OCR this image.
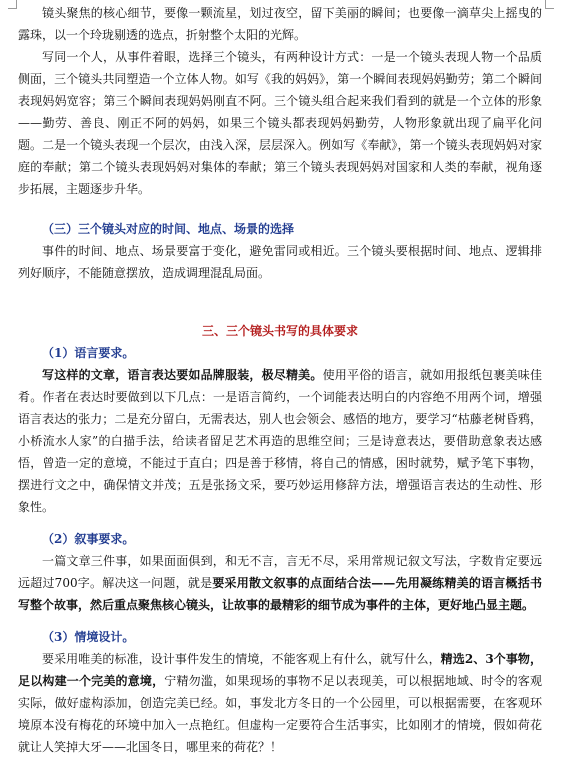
镜头聚焦的核心细节，要像一颗流星，划过夜空，留下美丽的瞬间；也要像一滴草尖上摇曳的露珠，以一个玲珑剔透的选点，折射整个太阳的光辉。

写同一个人，从事件着眼，选择三个镜头，有两种设计方式：一是一个镜头表现人物一个品质侧面，三个镜头共同塑造一个立体人物。如写《我的妈妈》，第一个瞬间表现妈妈勤劳；第二个瞬间表现妈妈宽容；第三个瞬间表现妈妈刚直不阿。三个镜头组合起来我们看到的就是一个立体的形象——勤劳、善良、刚正不阿的妈妈，如果三个镜头都表现妈妈勤劳，人物形象就出现了扁平化问题。二是一个镜头表现一个层次，由浅入深，层层深入。例如写《奉献》，第一个镜头表现妈妈对家庭的奉献；第二个镜头表现妈妈对集体的奉献；第三个镜头表现妈妈对国家和人类的奉献，视角逐步拓展，主题逐步升华。

（三）三个镜头对应的时间、地点、场景的选择

事件的时间、地点、场景要富于变化，避免雷同或相近。三个镜头要根据时间、地点、逻辑排列好顺序，不能随意摆放，造成调理混乱局面。

三、三个镜头书写的具体要求

（1）语言要求。

写这样的文章，语言表达要如品牌服装，极尽精美。使用平俗的语言，就如用报纸包裹美味佳肴。作者在表达时要做到以下几点：一是语言简约，一个词能表达明白的内容绝不用两个词，增强语言表达的张力；二是充分留白，无需表达，别人也会领会、感悟的地方，要学习“枯藤老树昏鸦，小桥流水人家”的白描手法，给读者留足艺术再造的思维空间；三是诗意表达，要借助意象表达感悟，曾造一定的意境，不能过于直白；四是善于移情，将自己的情感，困时就势，赋予笔下事物，摆进行文之中，确保情文并茂；五是张扬文采，要巧妙运用修辞方法，增强语言表达的生动性、形象性。

（2）叙事要求。

一篇文章三件事，如果面面俱到，和无不言，言无不尽，采用常规记叙文写法，字数肯定要远远超过700字。解决这一问题，就是要采用散文叙事的点面结合法——先用凝练精美的语言概括书写整个故事，然后重点聚焦核心镜头，让故事的最精彩的细节成为事件的主体，更好地凸显主题。

（3）情境设计。

要采用唯美的标准，设计事件发生的情境，不能客观上有什么，就写什么，精选2、3个事物，足以构建一个完美的意境，宁精勿滥，如果现场的事物不足以表现美，可以根据地域、时令的客观实际，做好虚构添加，创造完美已经。如，事发北方冬日的一个公园里，可以根据需要，在客观环境原本没有梅花的环境中加入一点艳红。但虚构一定要符合生活事实，比如刚才的情境，假如荷花就让人笑掉大牙——北国冬日，哪里来的荷花？！
